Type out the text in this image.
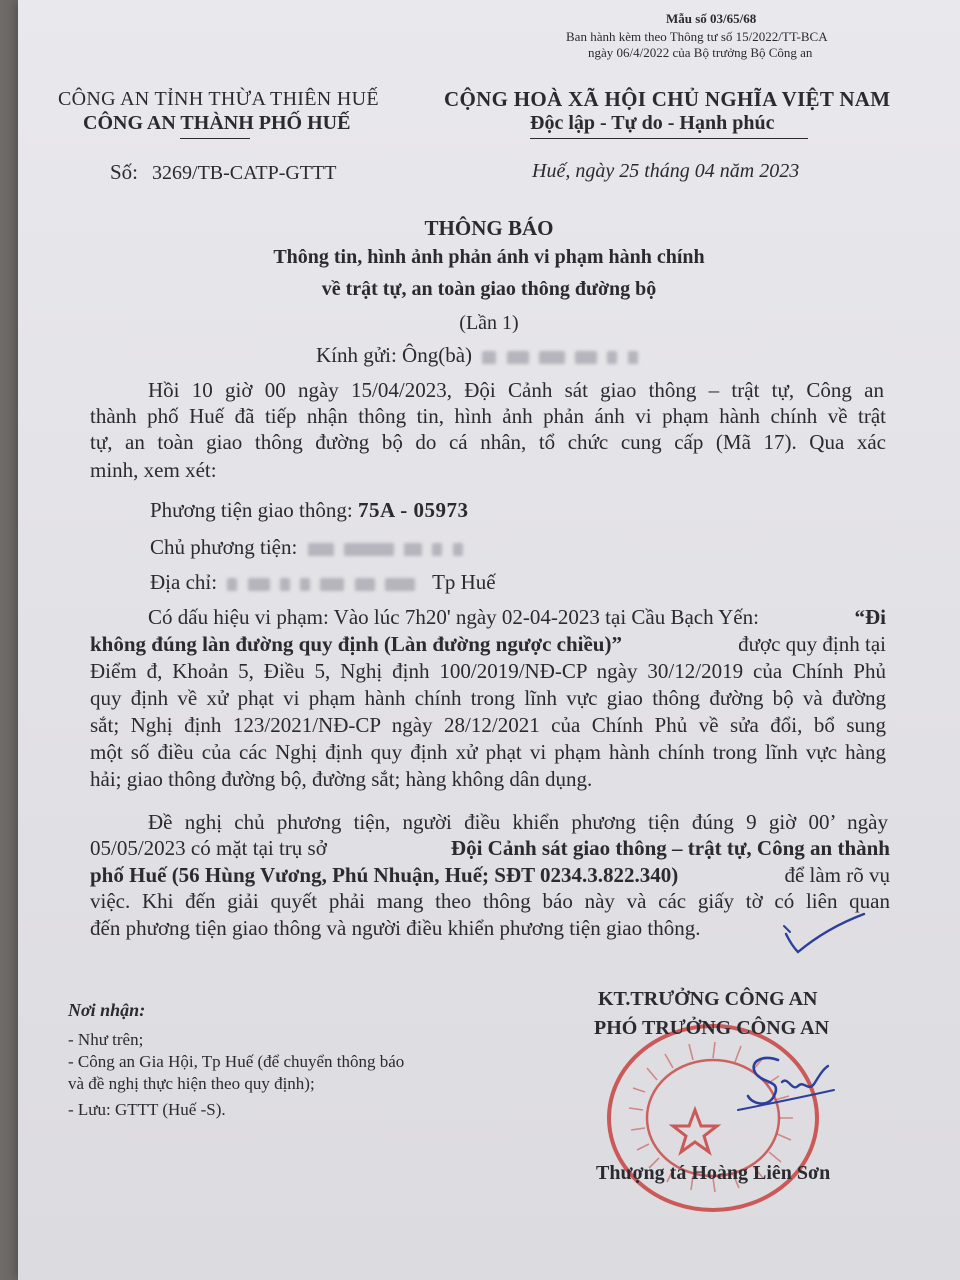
Mẫu số 03/65/68
Ban hành kèm theo Thông tư số 15/2022/TT-BCA
ngày 06/4/2022 của Bộ trưởng Bộ Công an
CÔNG AN TỈNH THỪA THIÊN HUẾ
CÔNG AN THÀNH PHỐ HUẾ
CỘNG HOÀ XÃ HỘI CHỦ NGHĨA VIỆT NAM
Độc lập - Tự do - Hạnh phúc
Số: 3269/TB-CATP-GTTT	Huế, ngày 25 tháng 04 năm 2023
THÔNG BÁO
Thông tin, hình ảnh phản ánh vi phạm hành chính
về trật tự, an toàn giao thông đường bộ
(Lần 1)
Kính gửi: Ông(bà)
Hồi 10 giờ 00 ngày 15/04/2023, Đội Cảnh sát giao thông – trật tự, Công an
thành phố Huế đã tiếp nhận thông tin, hình ảnh phản ánh vi phạm hành chính về trật
tự, an toàn giao thông đường bộ do cá nhân, tổ chức cung cấp (Mã 17). Qua xác
minh, xem xét:
Phương tiện giao thông: 75A - 05973
Chủ phương tiện:
Địa chỉ:	Tp Huế
Có dấu hiệu vi phạm: Vào lúc 7h20' ngày 02-04-2023 tại Cầu Bạch Yến:	“Đi
không đúng làn đường quy định (Làn đường ngược chiều)”	được quy định tại
Điểm đ, Khoản 5, Điều 5, Nghị định 100/2019/NĐ-CP ngày 30/12/2019 của Chính Phủ
quy định về xử phạt vi phạm hành chính trong lĩnh vực giao thông đường bộ và đường
sắt; Nghị định 123/2021/NĐ-CP ngày 28/12/2021 của Chính Phủ về sửa đổi, bổ sung
một số điều của các Nghị định quy định xử phạt vi phạm hành chính trong lĩnh vực hàng
hải; giao thông đường bộ, đường sắt; hàng không dân dụng.
Đề nghị chủ phương tiện, người điều khiển phương tiện đúng 9 giờ 00’ ngày
05/05/2023 có mặt tại trụ sở	Đội Cảnh sát giao thông – trật tự, Công an thành
phố Huế (56 Hùng Vương, Phú Nhuận, Huế; SĐT 0234.3.822.340)	để làm rõ vụ
việc. Khi đến giải quyết phải mang theo thông báo này và các giấy tờ có liên quan
đến phương tiện giao thông và người điều khiển phương tiện giao thông.
Nơi nhận:
- Như trên;
- Công an Gia Hội, Tp Huế (để chuyển thông báo
và đề nghị thực hiện theo quy định);
- Lưu: GTTT (Huế -S).
KT.TRƯỞNG CÔNG AN
PHÓ TRƯỞNG CÔNG AN
Thượng tá Hoàng Liên Sơn
